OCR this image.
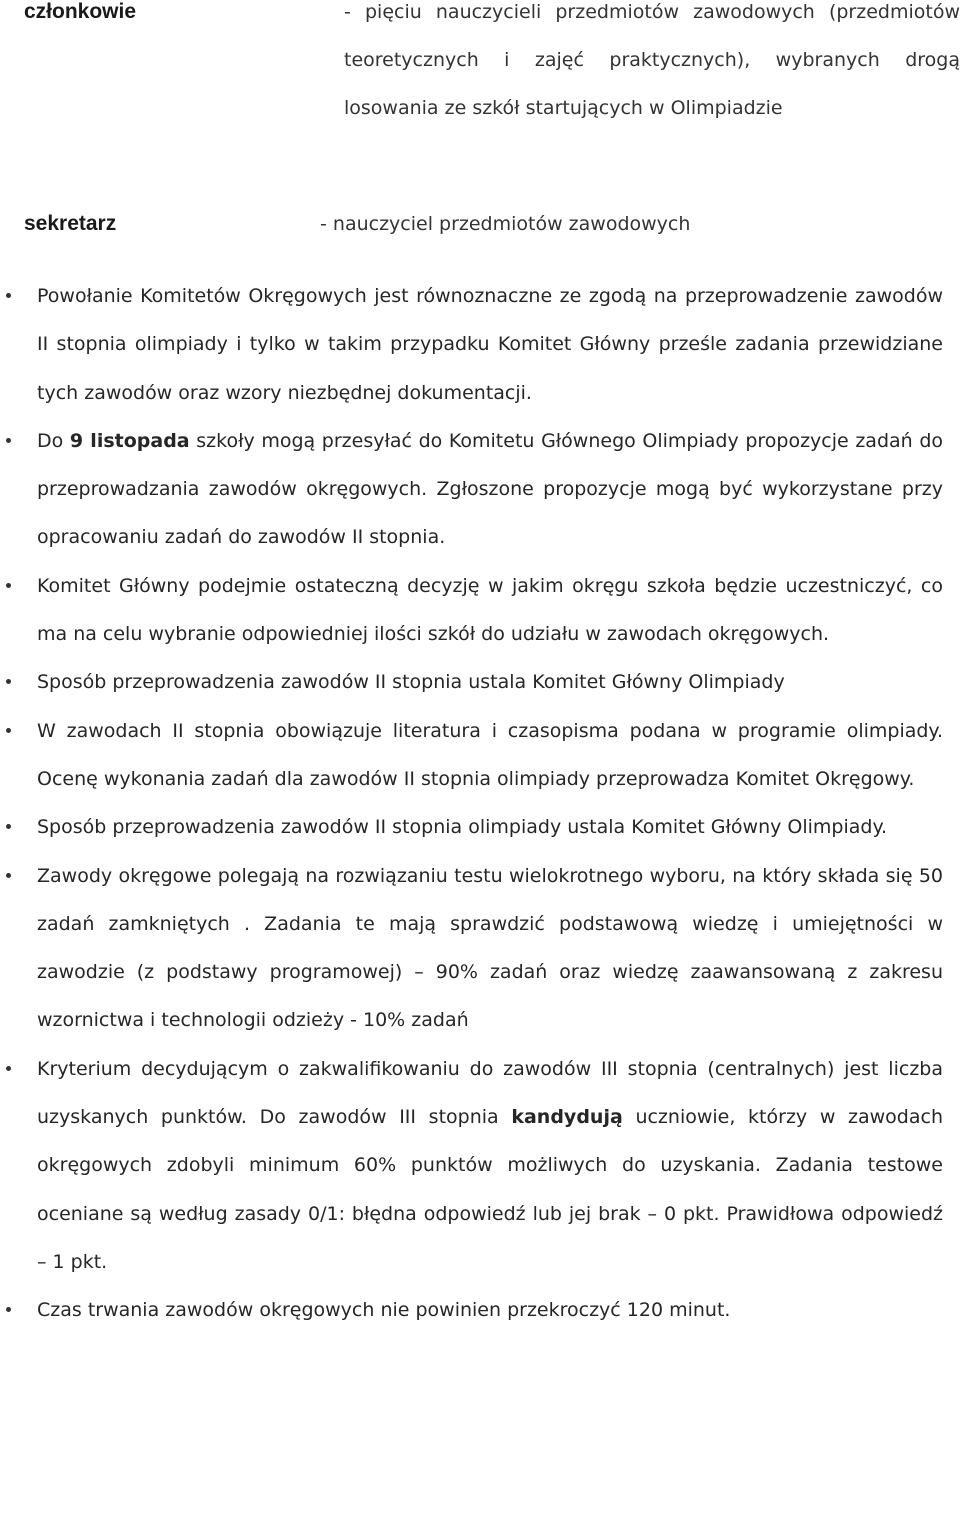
członkowie	- pięciu nauczycieli przedmiotów zawodowych (przedmiotów teoretycznych i zajęć praktycznych), wybranych drogą losowania ze szkół startujących w Olimpiadzie
sekretarz	- nauczyciel przedmiotów zawodowych
Powołanie Komitetów Okręgowych jest równoznaczne ze zgodą na przeprowadzenie zawodów II stopnia olimpiady i tylko w takim przypadku Komitet Główny prześle zadania przewidziane tych zawodów oraz wzory niezbędnej dokumentacji.
Do 9 listopada szkoły mogą przesyłać do Komitetu Głównego Olimpiady propozycje zadań do przeprowadzania zawodów okręgowych. Zgłoszone propozycje mogą być wykorzystane przy opracowaniu zadań do zawodów II stopnia.
Komitet Główny podejmie ostateczną decyzję w jakim okręgu szkoła będzie uczestniczyć, co ma na celu wybranie odpowiedniej ilości szkół do udziału w zawodach okręgowych.
Sposób przeprowadzenia zawodów II stopnia ustala Komitet Główny Olimpiady
W zawodach II stopnia obowiązuje literatura i czasopisma podana w programie olimpiady. Ocenę wykonania zadań dla zawodów II stopnia olimpiady przeprowadza Komitet Okręgowy.
Sposób przeprowadzenia zawodów II stopnia olimpiady ustala Komitet Główny Olimpiady.
Zawody okręgowe polegają na rozwiązaniu testu wielokrotnego wyboru, na który składa się 50 zadań zamkniętych . Zadania te mają sprawdzić podstawową wiedzę i umiejętności w zawodzie (z podstawy programowej) – 90% zadań oraz wiedzę zaawansowaną z zakresu wzornictwa i technologii odzieży - 10% zadań
Kryterium decydującym o zakwalifikowaniu do zawodów III stopnia (centralnych) jest liczba uzyskanych punktów. Do zawodów III stopnia kandydują uczniowie, którzy w zawodach okręgowych zdobyli minimum 60% punktów możliwych do uzyskania. Zadania testowe oceniane są według zasady 0/1: błędna odpowiedź lub jej brak – 0 pkt. Prawidłowa odpowiedź – 1 pkt.
Czas trwania zawodów okręgowych nie powinien przekroczyć 120 minut.
